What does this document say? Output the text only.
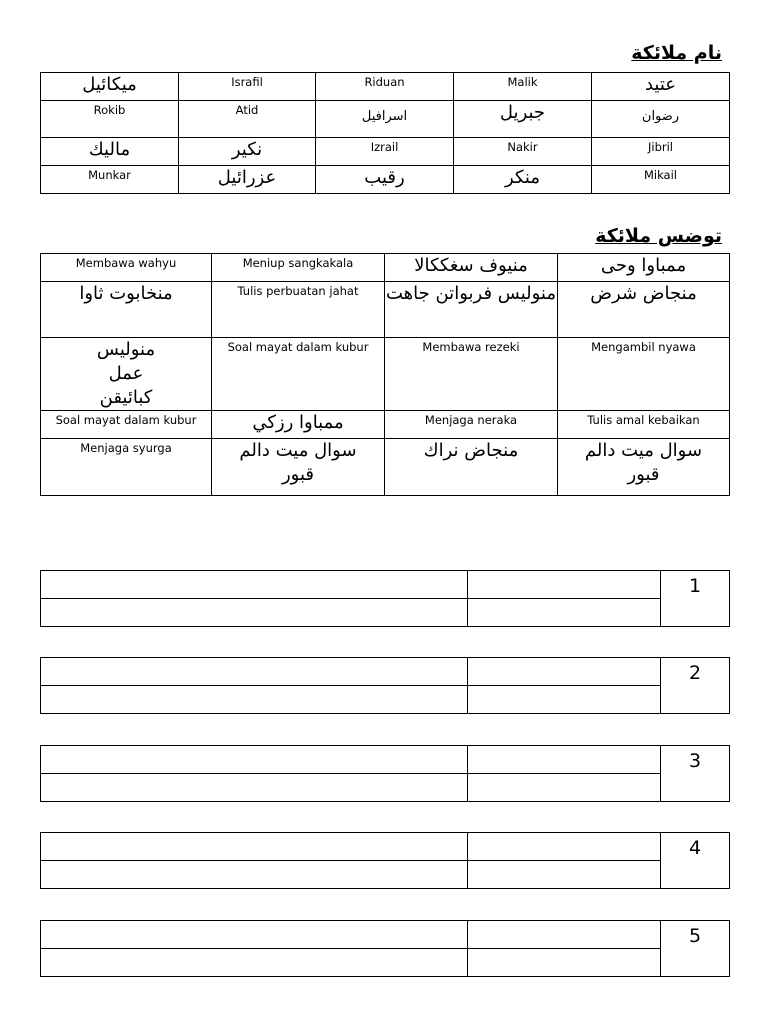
نام ملائكة
ميكائيل	Israfil	Riduan	Malik	عتيد

Rokib	Atid	اسرافيل	جبريل	رضوان

ماليك	نكير	Izrail	Nakir	Jibril

Munkar	عزرائيل	رقيب	منكر	Mikail
توضس ملائكة
Membawa wahyu	Meniup sangkakala	منيوف سغككالا	ممباوا وحى

منخابوت ثاوا	Tulis perbuatan jahat	منوليس فربواتن جاهت	منجاض شرض

منوليس عمل كبائيقن	Soal mayat dalam kubur	Membawa rezeki	Mengambil nyawa

Soal mayat dalam kubur	ممباوا رزكي	Menjaga neraka	Tulis amal kebaikan

Menjaga syurga	سوال ميت دالم قبور	منجاض نراك	سوال ميت دالم قبور
		1

		2

		3

		4

		5
